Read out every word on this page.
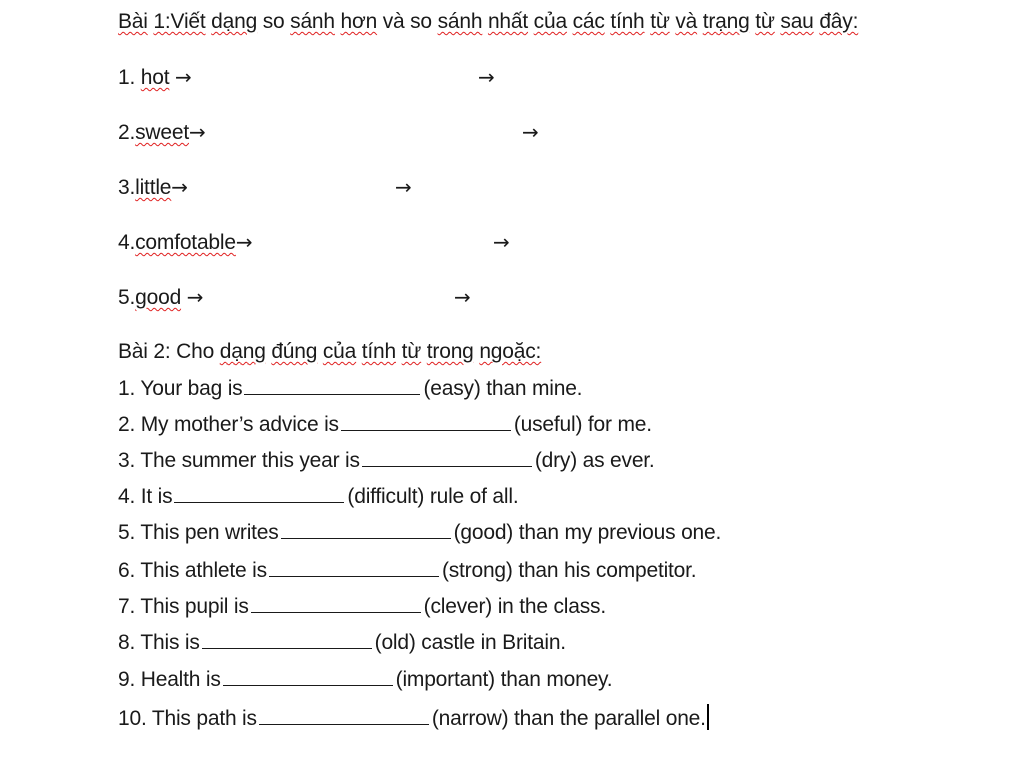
Bài 1:Viết dạng so sánh hơn và so sánh nhất của các tính từ và trạng từ sau đây:
1. hot →	→
2.sweet→	→
3.little→	→
4.comfotable→	→
5.good →	→
Bài 2: Cho dạng đúng của tính từ trong ngoặc:
1. Your bag is	(easy) than mine.
2. My mother’s advice is	(useful) for me.
3. The summer this year is	(dry) as ever.
4. It is	(difficult) rule of all.
5. This pen writes	(good) than my previous one.
6. This athlete is	(strong) than his competitor.
7. This pupil is	(clever) in the class.
8. This is	(old) castle in Britain.
9. Health is	(important) than money.
10. This path is	(narrow) than the parallel one.
